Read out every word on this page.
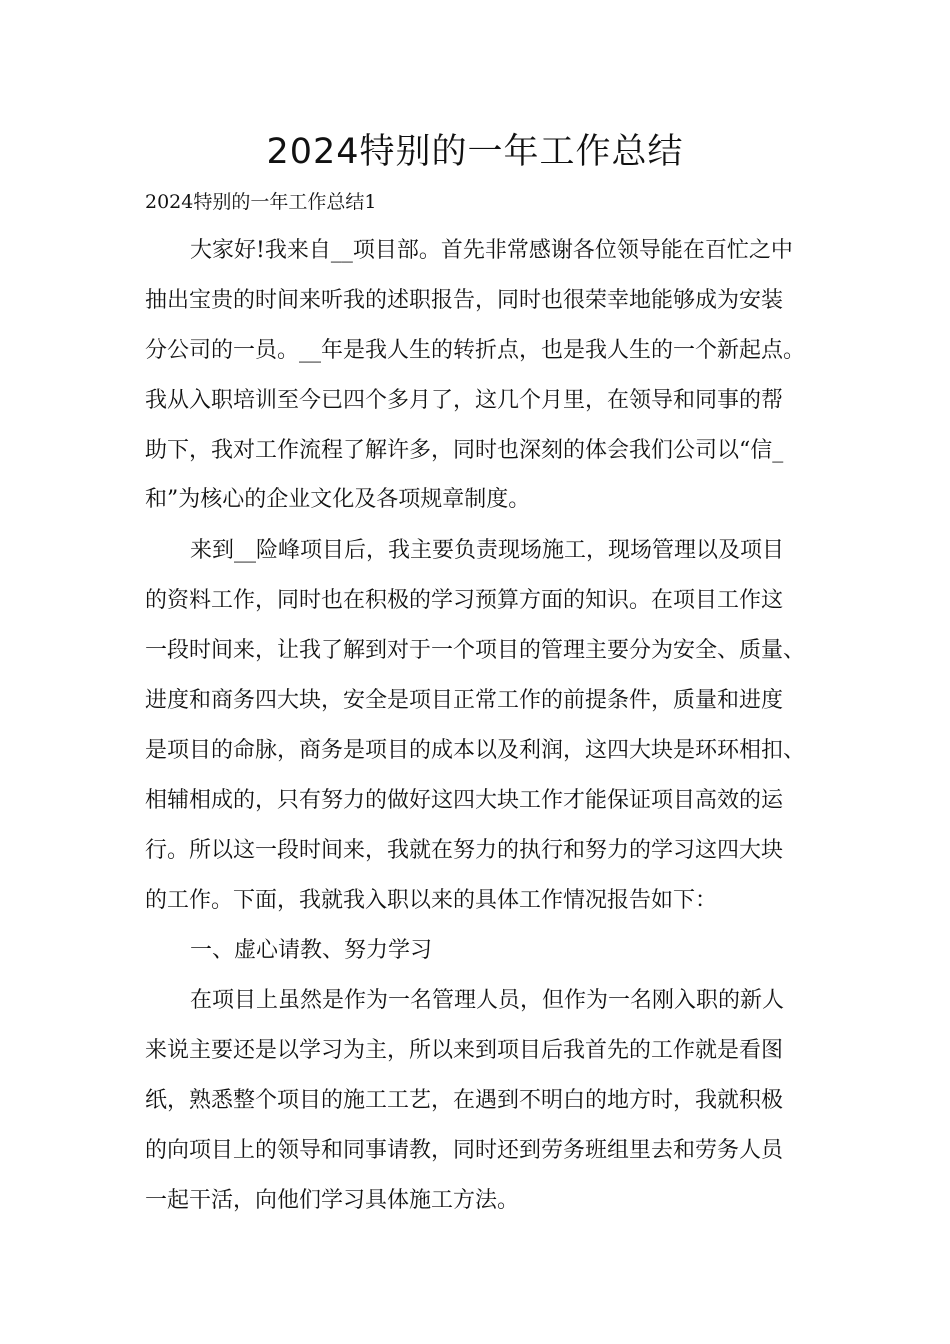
2024特别的一年工作总结

2024特别的一年工作总结1

大家好!我来自__项目部。首先非常感谢各位领导能在百忙之中

抽出宝贵的时间来听我的述职报告，同时也很荣幸地能够成为安装

分公司的一员。__年是我人生的转折点，也是我人生的一个新起点。

我从入职培训至今已四个多月了，这几个月里，在领导和同事的帮

助下，我对工作流程了解许多，同时也深刻的体会我们公司以“信_

和”为核心的企业文化及各项规章制度。

来到__险峰项目后，我主要负责现场施工，现场管理以及项目

的资料工作，同时也在积极的学习预算方面的知识。在项目工作这

一段时间来，让我了解到对于一个项目的管理主要分为安全、质量、

进度和商务四大块，安全是项目正常工作的前提条件，质量和进度

是项目的命脉，商务是项目的成本以及利润，这四大块是环环相扣、

相辅相成的，只有努力的做好这四大块工作才能保证项目高效的运

行。所以这一段时间来，我就在努力的执行和努力的学习这四大块

的工作。下面，我就我入职以来的具体工作情况报告如下：

一、虚心请教、努力学习

在项目上虽然是作为一名管理人员，但作为一名刚入职的新人

来说主要还是以学习为主，所以来到项目后我首先的工作就是看图

纸，熟悉整个项目的施工工艺，在遇到不明白的地方时，我就积极

的向项目上的领导和同事请教，同时还到劳务班组里去和劳务人员

一起干活，向他们学习具体施工方法。
